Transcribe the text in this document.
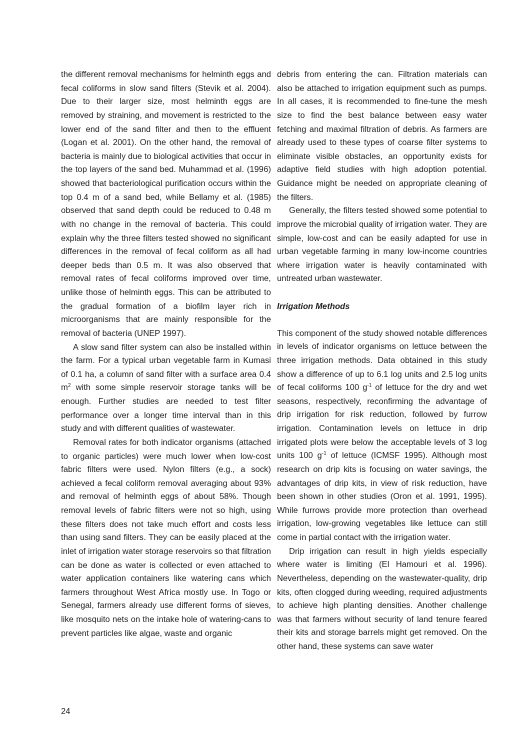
the different removal mechanisms for helminth eggs and fecal coliforms in slow sand filters (Stevik et al. 2004). Due to their larger size, most helminth eggs are removed by straining, and movement is restricted to the lower end of the sand filter and then to the effluent (Logan et al. 2001). On the other hand, the removal of bacteria is mainly due to biological activities that occur in the top layers of the sand bed. Muhammad et al. (1996) showed that bacteriological purification occurs within the top 0.4 m of a sand bed, while Bellamy et al. (1985) observed that sand depth could be reduced to 0.48 m with no change in the removal of bacteria. This could explain why the three filters tested showed no significant differences in the removal of fecal coliform as all had deeper beds than 0.5 m. It was also observed that removal rates of fecal coliforms improved over time, unlike those of helminth eggs. This can be attributed to the gradual formation of a biofilm layer rich in microorganisms that are mainly responsible for the removal of bacteria (UNEP 1997).

A slow sand filter system can also be installed within the farm. For a typical urban vegetable farm in Kumasi of 0.1 ha, a column of sand filter with a surface area 0.4 $m^2$ with some simple reservoir storage tanks will be enough. Further studies are needed to test filter performance over a longer time interval than in this study and with different qualities of wastewater.

Removal rates for both indicator organisms (attached to organic particles) were much lower when low-cost fabric filters were used. Nylon filters (e.g., a sock) achieved a fecal coliform removal averaging about 93% and removal of helminth eggs of about 58%. Though removal levels of fabric filters were not so high, using these filters does not take much effort and costs less than using sand filters. They can be easily placed at the inlet of irrigation water storage reservoirs so that filtration can be done as water is collected or even attached to water application containers like watering cans which farmers throughout West Africa mostly use. In Togo or Senegal, farmers already use different forms of sieves, like mosquito nets on the intake hole of watering-cans to prevent particles like algae, waste and organic

debris from entering the can. Filtration materials can also be attached to irrigation equipment such as pumps. In all cases, it is recommended to fine-tune the mesh size to find the best balance between easy water fetching and maximal filtration of debris. As farmers are already used to these types of coarse filter systems to eliminate visible obstacles, an opportunity exists for adaptive field studies with high adoption potential. Guidance might be needed on appropriate cleaning of the filters.

Generally, the filters tested showed some potential to improve the microbial quality of irrigation water. They are simple, low-cost and can be easily adapted for use in urban vegetable farming in many low-income countries where irrigation water is heavily contaminated with untreated urban wastewater.

Irrigation Methods

This component of the study showed notable differences in levels of indicator organisms on lettuce between the three irrigation methods. Data obtained in this study show a difference of up to 6.1 log units and 2.5 log units of fecal coliforms 100 $g^{-1}$ of lettuce for the dry and wet seasons, respectively, reconfirming the advantage of drip irrigation for risk reduction, followed by furrow irrigation. Contamination levels on lettuce in drip irrigated plots were below the acceptable levels of 3 log units 100 $g^{-1}$ of lettuce (ICMSF 1995). Although most research on drip kits is focusing on water savings, the advantages of drip kits, in view of risk reduction, have been shown in other studies (Oron et al. 1991, 1995). While furrows provide more protection than overhead irrigation, low-growing vegetables like lettuce can still come in partial contact with the irrigation water.

Drip irrigation can result in high yields especially where water is limiting (El Hamouri et al. 1996). Nevertheless, depending on the wastewater-quality, drip kits, often clogged during weeding, required adjustments to achieve high planting densities. Another challenge was that farmers without security of land tenure feared their kits and storage barrels might get removed. On the other hand, these systems can save water

24
